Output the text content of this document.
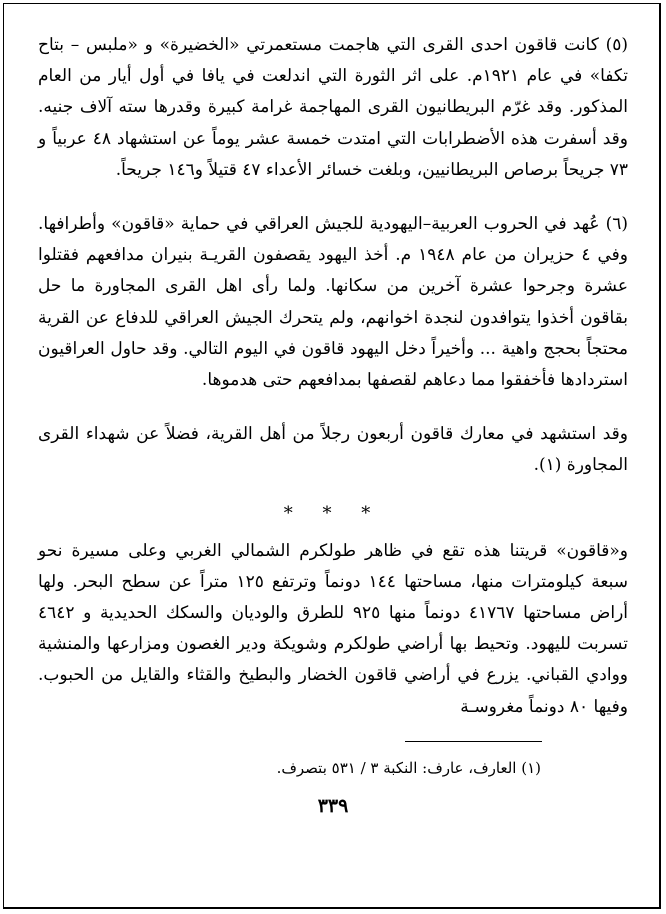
(٥) كانت قاقون احدى القرى التي هاجمت مستعمرتي «الخضيرة» و «ملبس – بتاح تكفا» في عام ١٩٢١م. على اثر الثورة التي اندلعت في يافا في أول أيار من العام المذكور. وقد غرّم البريطانيون القرى المهاجمة غرامة كبيرة وقدرها سته آلاف جنيه. وقد أسفرت هذه الأضطرابات التي امتدت خمسة عشر يوماً عن استشهاد ٤٨ عربياً و ٧٣ جريحاً برصاص البريطانيين، وبلغت خسائر الأعداء ٤٧ قتيلاً و١٤٦ جريحاً.

(٦) عُهد في الحروب العربية–اليهودية للجيش العراقي في حماية «قاقون» وأطرافها. وفي ٤ حزيران من عام ١٩٤٨ م. أخذ اليهود يقصفون القريـة بنيران مدافعهم فقتلوا عشرة وجرحوا عشرة آخرين من سكانها. ولما رأى اهل القرى المجاورة ما حل بقاقون أخذوا يتوافدون لنجدة اخوانهم، ولم يتحرك الجيش العراقي للدفاع عن القرية محتجاً بحجج واهية ... وأخيراً دخل اليهود قاقون في اليوم التالي. وقد حاول العراقيون استردادها فأخفقوا مما دعاهم لقصفها بمدافعهم حتى هدموها.

وقد استشهد في معارك قاقون أربعون رجلاً من أهل القرية، فضلاً عن شهداء القرى المجاورة (١).

* * *

و«قاقون» قريتنا هذه تقع في ظاهر طولكرم الشمالي الغربي وعلى مسيرة نحو سبعة كيلومترات منها، مساحتها ١٤٤ دونماً وترتفع ١٢٥ متراً عن سطح البحر. ولها أراض مساحتها ٤١٧٦٧ دونماً منها ٩٢٥ للطرق والوديان والسكك الحديدية و ٤٦٤٢ تسربت لليهود. وتحيط بها أراضي طولكرم وشويكة ودير الغصون ومزارعها والمنشية ووادي القباني. يزرع في أراضي قاقون الخضار والبطيخ والقثاء والقايل من الحبوب. وفيها ٨٠ دونماً مغروسـة

(١) العارف، عارف: النكبة ٣ / ٥٣١ بتصرف.
٣٣٩
